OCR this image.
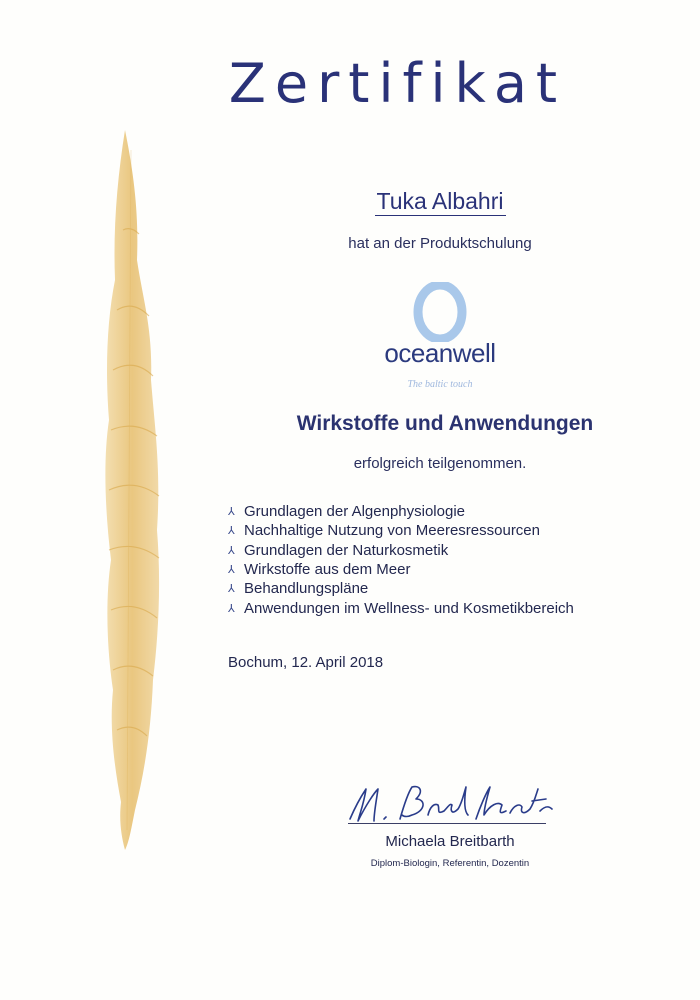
Zertifikat
Tuka Albahri
hat an der Produktschulung
oceanwell
The baltic touch
Wirkstoffe und Anwendungen
erfolgreich teilgenommen.
⅄ Grundlagen der Algenphysiologie
⅄ Nachhaltige Nutzung von Meeresressourcen
⅄ Grundlagen der Naturkosmetik
⅄ Wirkstoffe aus dem Meer
⅄ Behandlungspläne
⅄ Anwendungen im Wellness- und Kosmetikbereich
Bochum, 12. April 2018
Michaela Breitbarth
Diplom-Biologin, Referentin, Dozentin
